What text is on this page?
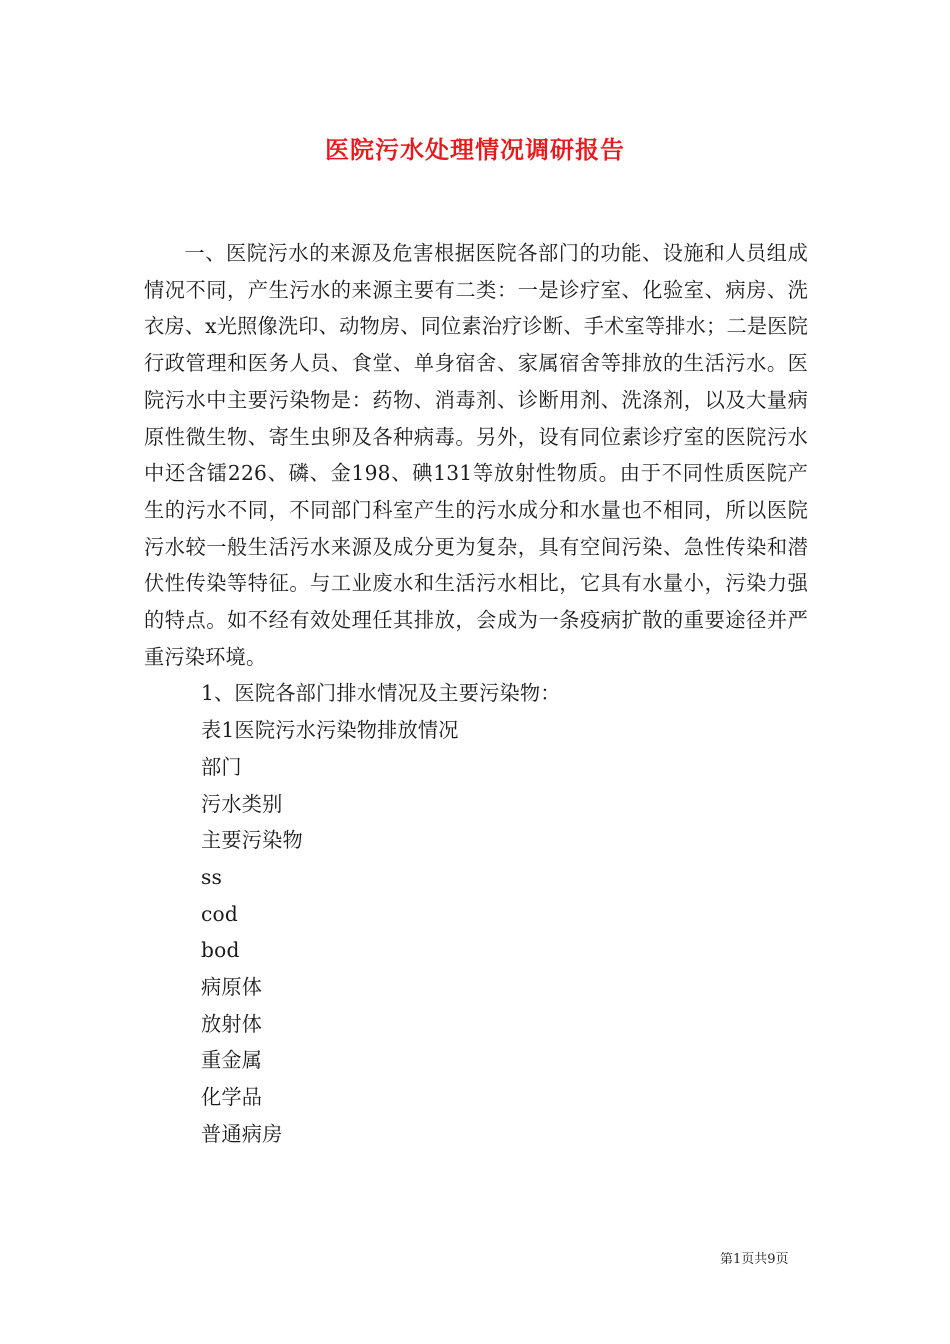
医院污水处理情况调研报告

一、医院污水的来源及危害根据医院各部门的功能、设施和人员组成情况不同，产生污水的来源主要有二类：一是诊疗室、化验室、病房、洗衣房、x光照像洗印、动物房、同位素治疗诊断、手术室等排水；二是医院行政管理和医务人员、食堂、单身宿舍、家属宿舍等排放的生活污水。医院污水中主要污染物是：药物、消毒剂、诊断用剂、洗涤剂，以及大量病原性微生物、寄生虫卵及各种病毒。另外，设有同位素诊疗室的医院污水中还含镭226、磷、金198、碘131等放射性物质。由于不同性质医院产生的污水不同，不同部门科室产生的污水成分和水量也不相同，所以医院污水较一般生活污水来源及成分更为复杂，具有空间污染、急性传染和潜伏性传染等特征。与工业废水和生活污水相比，它具有水量小，污染力强的特点。如不经有效处理任其排放，会成为一条疫病扩散的重要途径并严重污染环境。

1、医院各部门排水情况及主要污染物：

表1医院污水污染物排放情况

部门

污水类别

主要污染物

ss

cod

bod

病原体

放射体

重金属

化学品

普通病房

第1页共9页
